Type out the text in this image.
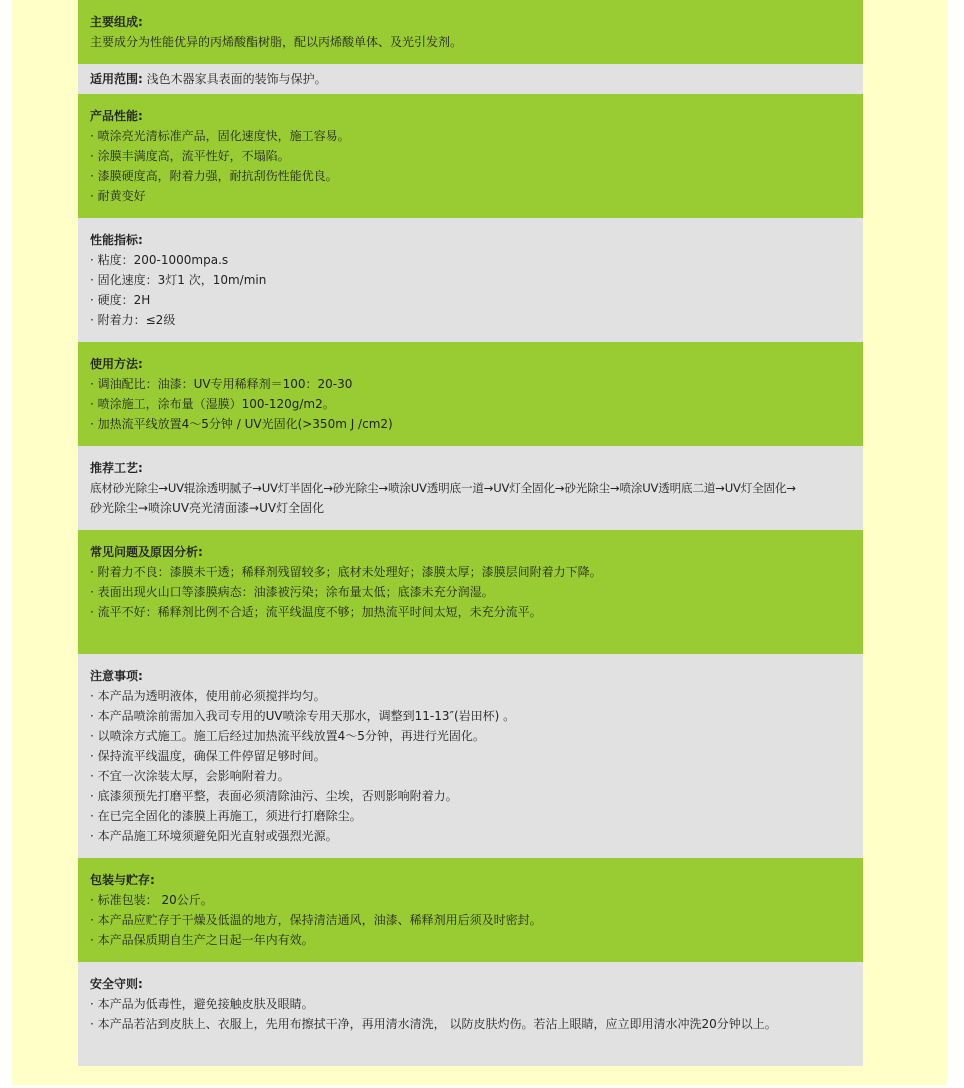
主要组成:
主要成分为性能优异的丙烯酸酯树脂，配以丙烯酸单体、及光引发剂。
适用范围: 浅色木器家具表面的装饰与保护。
产品性能:
· 喷涂亮光清标准产品，固化速度快，施工容易。
· 涂膜丰满度高，流平性好，不塌陷。
· 漆膜硬度高，附着力强，耐抗刮伤性能优良。
· 耐黄变好
性能指标:
· 粘度：200-1000mpa.s
· 固化速度：3灯1 次，10m/min
· 硬度：2H
· 附着力：≤2级
使用方法:
· 调油配比：油漆：UV专用稀释剂＝100：20-30
· 喷涂施工，涂布量（湿膜）100-120g/m2。
· 加热流平线放置4～5分钟 / UV光固化(>350m J /cm2)
推荐工艺:
底材砂光除尘→UV辊涂透明腻子→UV灯半固化→砂光除尘→喷涂UV透明底一道→UV灯全固化→砂光除尘→喷涂UV透明底二道→UV灯全固化→
砂光除尘→喷涂UV亮光清面漆→UV灯全固化
常见问题及原因分析:
· 附着力不良：漆膜未干透；稀释剂残留较多；底材未处理好；漆膜太厚；漆膜层间附着力下降。
· 表面出现火山口等漆膜病态：油漆被污染；涂布量太低；底漆未充分润湿。
· 流平不好：稀释剂比例不合适；流平线温度不够；加热流平时间太短，未充分流平。
注意事项:
· 本产品为透明液体，使用前必须搅拌均匀。
· 本产品喷涂前需加入我司专用的UV喷涂专用天那水，调整到11-13″(岩田杯) 。
· 以喷涂方式施工。施工后经过加热流平线放置4～5分钟，再进行光固化。
· 保持流平线温度，确保工件停留足够时间。
· 不宜一次涂装太厚，会影响附着力。
· 底漆须预先打磨平整，表面必须清除油污、尘埃，否则影响附着力。
· 在已完全固化的漆膜上再施工，须进行打磨除尘。
· 本产品施工环境须避免阳光直射或强烈光源。
包装与贮存:
· 标准包装： 20公斤。
· 本产品应贮存于干燥及低温的地方，保持清洁通风，油漆、稀释剂用后须及时密封。
· 本产品保质期自生产之日起一年内有效。
安全守则:
· 本产品为低毒性，避免接触皮肤及眼睛。
· 本产品若沾到皮肤上、衣服上，先用布擦拭干净，再用清水清洗， 以防皮肤灼伤。若沾上眼睛，应立即用清水冲洗20分钟以上。
